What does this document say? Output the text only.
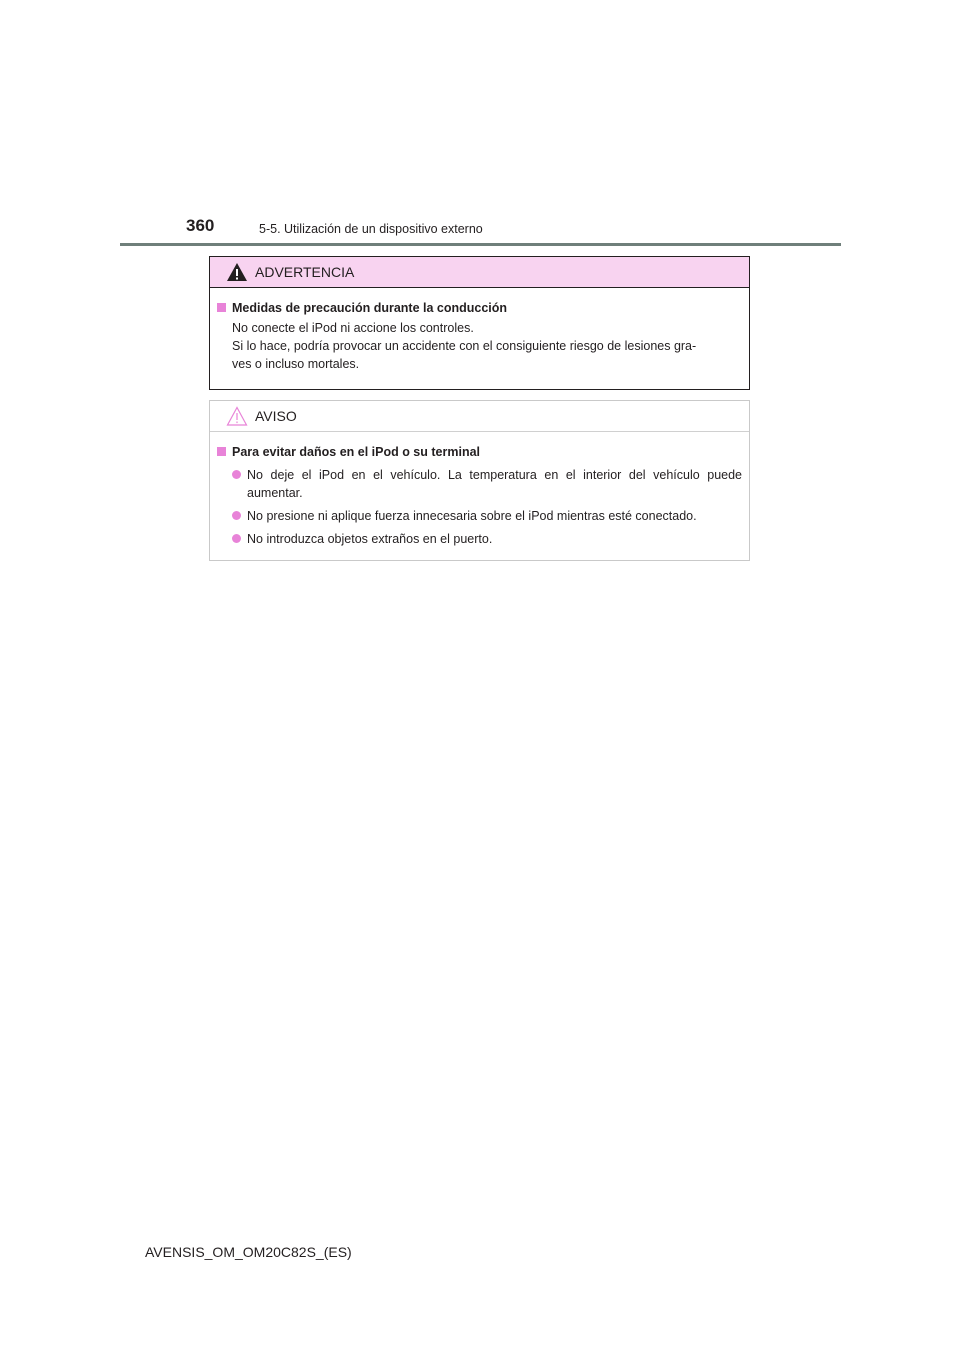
360	5-5. Utilización de un dispositivo externo
ADVERTENCIA
Medidas de precaución durante la conducción
No conecte el iPod ni accione los controles.
Si lo hace, podría provocar un accidente con el consiguiente riesgo de lesiones gra-
ves o incluso mortales.
AVISO
Para evitar daños en el iPod o su terminal
No deje el iPod en el vehículo. La temperatura en el interior del vehículo puede aumentar.
No presione ni aplique fuerza innecesaria sobre el iPod mientras esté conectado.
No introduzca objetos extraños en el puerto.
AVENSIS_OM_OM20C82S_(ES)
